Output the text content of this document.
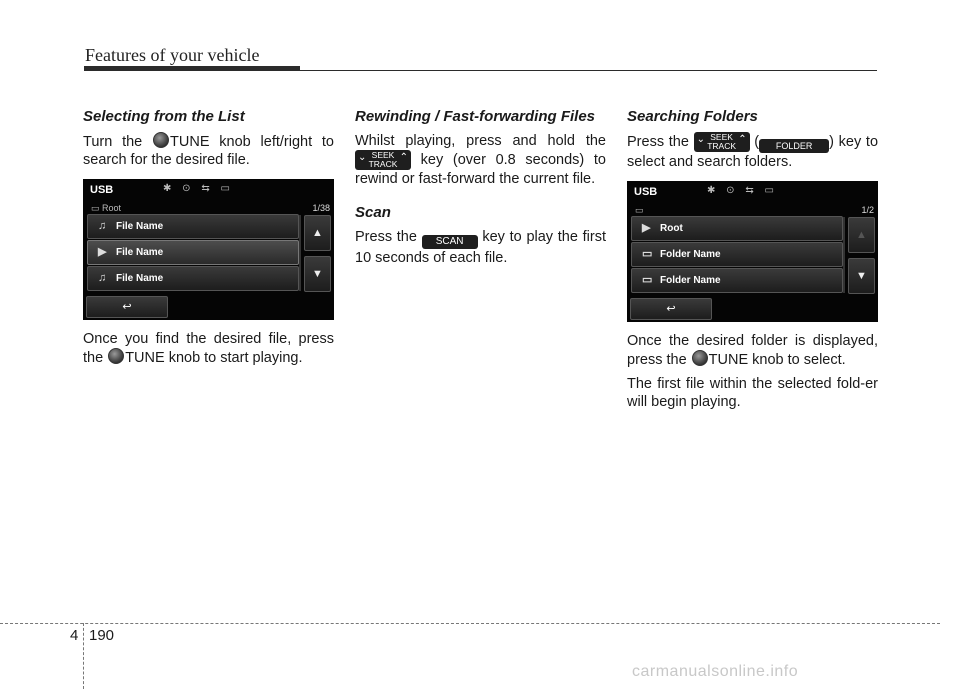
Features of your vehicle
Selecting from the List

Turn the TUNE knob left/right to search for the desired file.

USB	✱ ⊙ ⇆ ▭
▭ Root	1/38
♫ File Name
▶ File Name
♫ File Name
▲
▼
↩

Once you find the desired file, press the TUNE knob to start playing.

Rewinding / Fast-forwarding Files

Whilst playing, press and hold the
⌄ SEEK
TRACK
⌃ key (over 0.8 seconds) to rewind or fast-forward the current file.

Scan

Press the SCAN key to play the first 10 seconds of each file.

Searching Folders

Press the ⌄ SEEK
TRACK
⌃ ( FOLDER ) key to select and search folders.

USB	✱ ⊙ ⇆ ▭
▭	1/2
▶ Root
▭ Folder Name
▭ Folder Name
▲
▼
↩

Once the desired folder is displayed, press the TUNE knob to select.

The first file within the selected fold-er will begin playing.

4 190
carmanualsonline.info
